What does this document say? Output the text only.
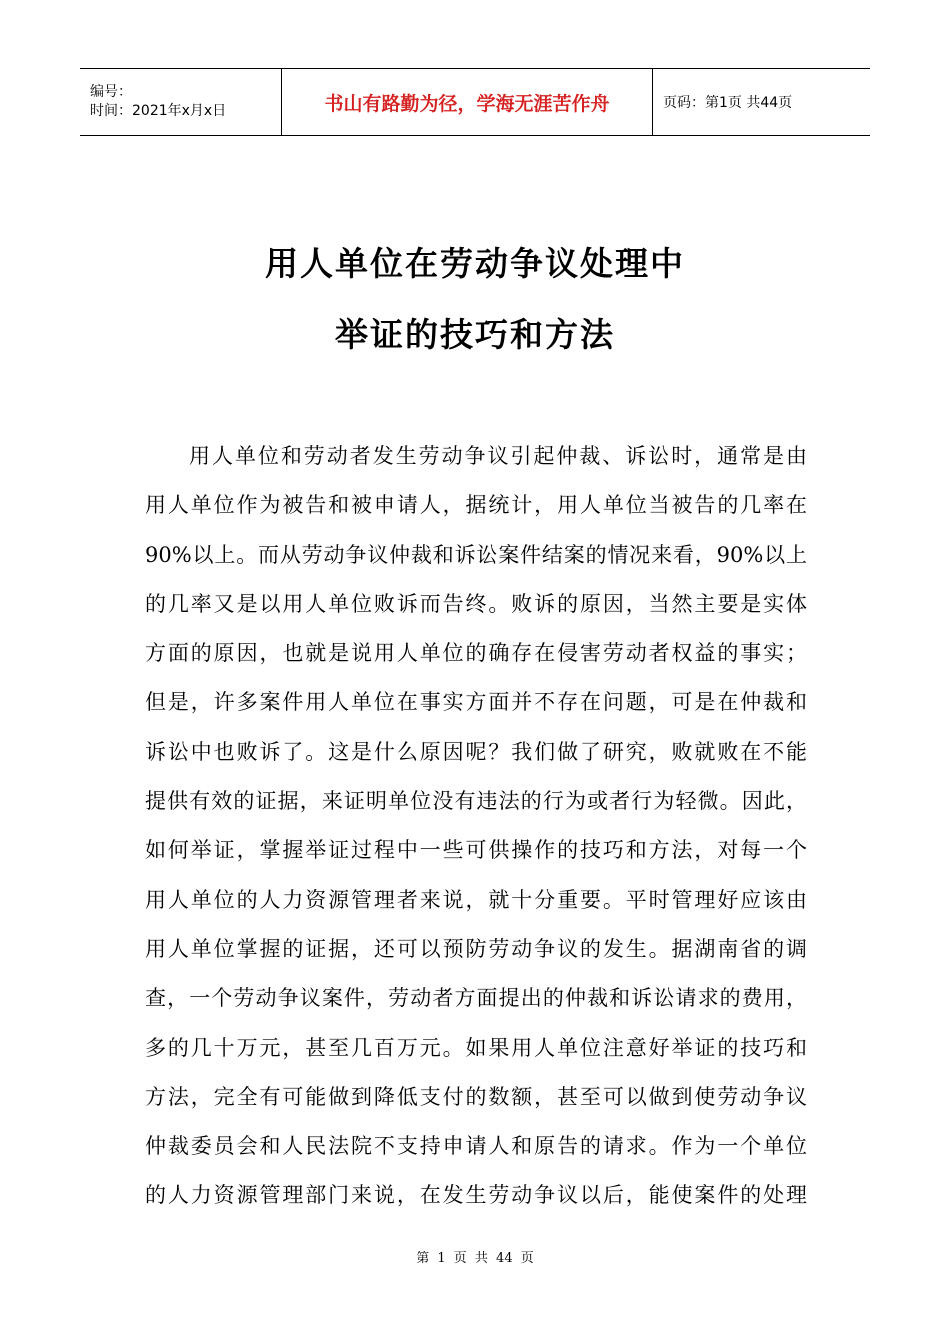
编号：
时间：2021年x月x日	书山有路勤为径，学海无涯苦作舟	页码：第1页 共44页
用人单位在劳动争议处理中
举证的技巧和方法
用人单位和劳动者发生劳动争议引起仲裁、诉讼时，通常是由
用人单位作为被告和被申请人，据统计，用人单位当被告的几率在
90%以上。而从劳动争议仲裁和诉讼案件结案的情况来看，90%以上
的几率又是以用人单位败诉而告终。败诉的原因，当然主要是实体
方面的原因，也就是说用人单位的确存在侵害劳动者权益的事实；
但是，许多案件用人单位在事实方面并不存在问题，可是在仲裁和
诉讼中也败诉了。这是什么原因呢？我们做了研究，败就败在不能
提供有效的证据，来证明单位没有违法的行为或者行为轻微。因此，
如何举证，掌握举证过程中一些可供操作的技巧和方法，对每一个
用人单位的人力资源管理者来说，就十分重要。平时管理好应该由
用人单位掌握的证据，还可以预防劳动争议的发生。据湖南省的调
查，一个劳动争议案件，劳动者方面提出的仲裁和诉讼请求的费用，
多的几十万元，甚至几百万元。如果用人单位注意好举证的技巧和
方法，完全有可能做到降低支付的数额，甚至可以做到使劳动争议
仲裁委员会和人民法院不支持申请人和原告的请求。作为一个单位
的人力资源管理部门来说，在发生劳动争议以后，能使案件的处理
第 1 页 共 44 页
